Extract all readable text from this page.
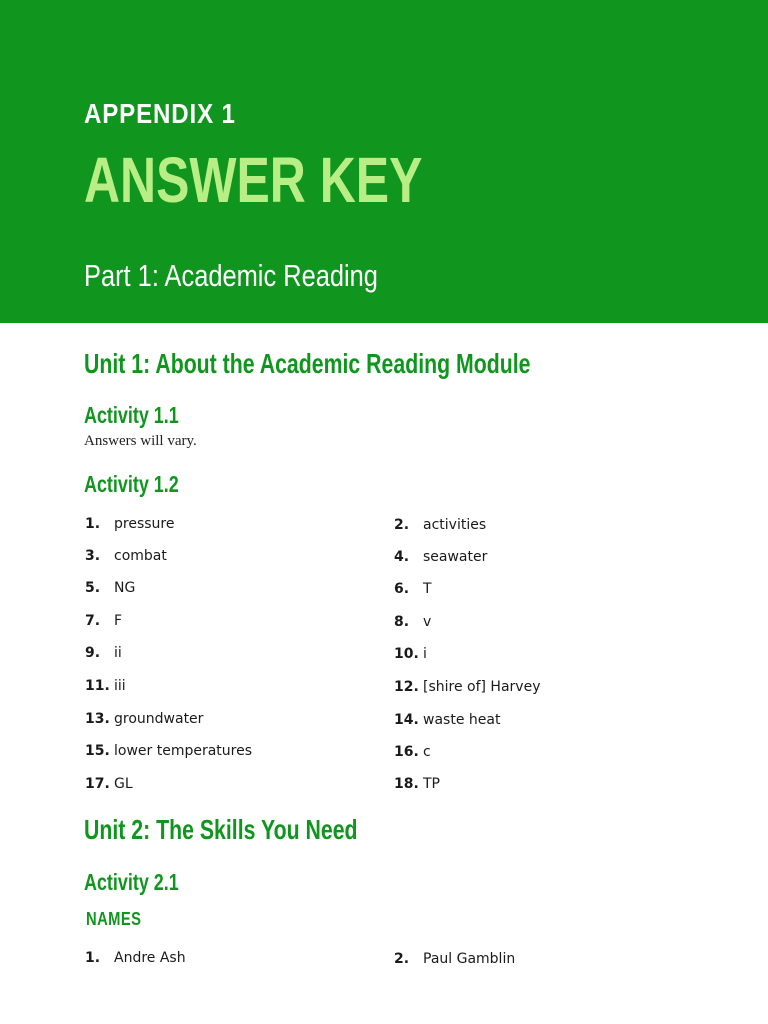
APPENDIX 1
ANSWER KEY
Part 1: Academic Reading
Unit 1: About the Academic Reading Module
Activity 1.1

Answers will vary.

Activity 1.2
1. pressure	2. activities
3. combat	4. seawater
5. NG	6. T
7. F	8. v
9. ii	10. i
11. iii	12. [shire of] Harvey
13. groundwater	14. waste heat
15. lower temperatures	16. c
17. GL	18. TP
Unit 2: The Skills You Need
Activity 2.1
NAMES
1. Andre Ash	2. Paul Gamblin
